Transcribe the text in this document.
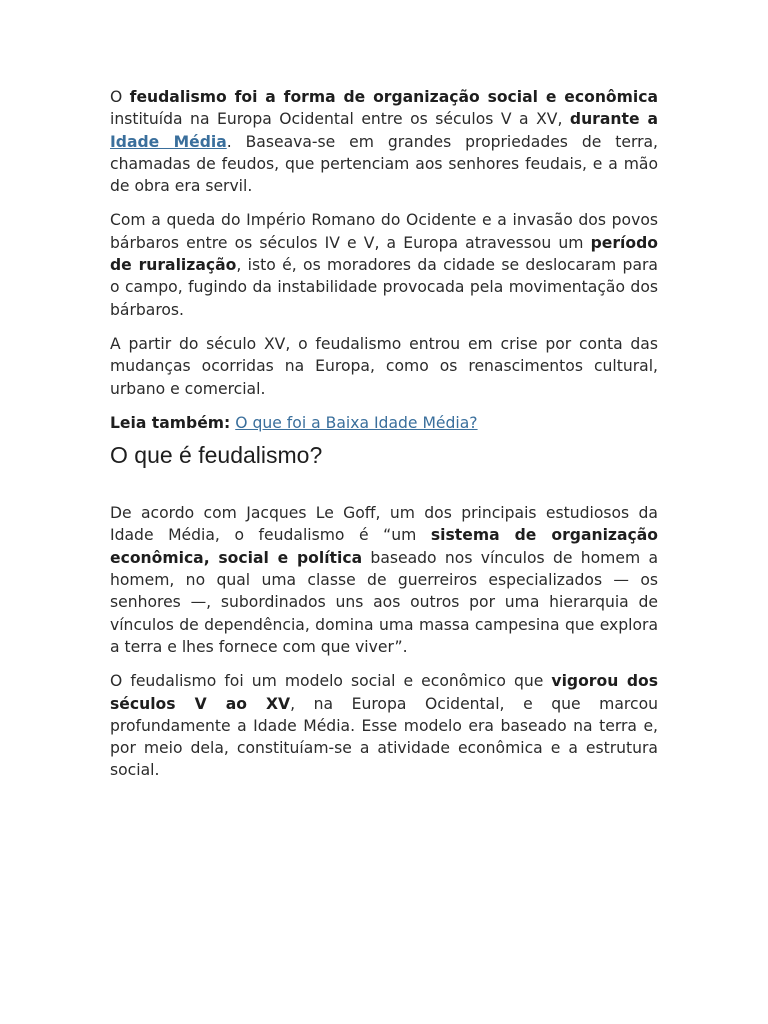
O feudalismo foi a forma de organização social e econômica instituída na Europa Ocidental entre os séculos V a XV, durante a Idade Média. Baseava-se em grandes propriedades de terra, chamadas de feudos, que pertenciam aos senhores feudais, e a mão de obra era servil.

Com a queda do Império Romano do Ocidente e a invasão dos povos bárbaros entre os séculos IV e V, a Europa atravessou um período de ruralização, isto é, os moradores da cidade se deslocaram para o campo, fugindo da instabilidade provocada pela movimentação dos bárbaros.

A partir do século XV, o feudalismo entrou em crise por conta das mudanças ocorridas na Europa, como os renascimentos cultural, urbano e comercial.

Leia também: O que foi a Baixa Idade Média?

O que é feudalismo?

De acordo com Jacques Le Goff, um dos principais estudiosos da Idade Média, o feudalismo é “um sistema de organização econômica, social e política baseado nos vínculos de homem a homem, no qual uma classe de guerreiros especializados — os senhores —, subordinados uns aos outros por uma hierarquia de vínculos de dependência, domina uma massa campesina que explora a terra e lhes fornece com que viver”.

O feudalismo foi um modelo social e econômico que vigorou dos séculos V ao XV, na Europa Ocidental, e que marcou profundamente a Idade Média. Esse modelo era baseado na terra e, por meio dela, constituíam-se a atividade econômica e a estrutura social.
